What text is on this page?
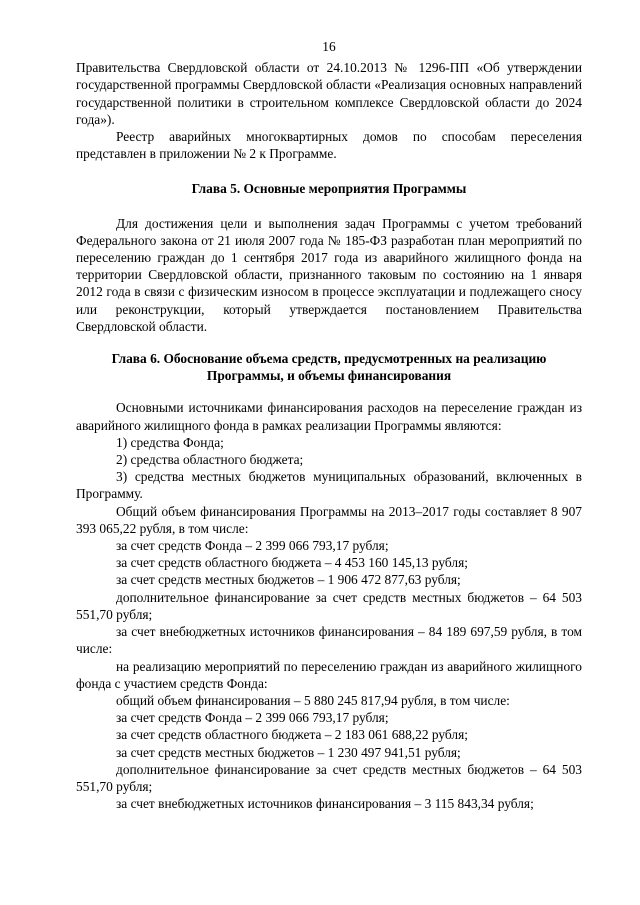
16

Правительства Свердловской области от 24.10.2013 № 1296-ПП «Об утверждении государственной программы Свердловской области «Реализация основных направлений государственной политики в строительном комплексе Свердловской области до 2024 года»).

Реестр аварийных многоквартирных домов по способам переселения представлен в приложении № 2 к Программе.

Глава 5. Основные мероприятия Программы

Для достижения цели и выполнения задач Программы с учетом требований Федерального закона от 21 июля 2007 года № 185-ФЗ разработан план мероприятий по переселению граждан до 1 сентября 2017 года из аварийного жилищного фонда на территории Свердловской области, признанного таковым по состоянию на 1 января 2012 года в связи с физическим износом в процессе эксплуатации и подлежащего сносу или реконструкции, который утверждается постановлением Правительства Свердловской области.

Глава 6. Обоснование объема средств, предусмотренных на реализацию
Программы, и объемы финансирования

Основными источниками финансирования расходов на переселение граждан из аварийного жилищного фонда в рамках реализации Программы являются:

1) средства Фонда;

2) средства областного бюджета;

3) средства местных бюджетов муниципальных образований, включенных в Программу.

Общий объем финансирования Программы на 2013–2017 годы составляет 8 907 393 065,22 рубля, в том числе:

за счет средств Фонда – 2 399 066 793,17 рубля;

за счет средств областного бюджета – 4 453 160 145,13 рубля;

за счет средств местных бюджетов – 1 906 472 877,63 рубля;

дополнительное финансирование за счет средств местных бюджетов – 64 503 551,70 рубля;

за счет внебюджетных источников финансирования – 84 189 697,59 рубля, в том числе:

на реализацию мероприятий по переселению граждан из аварийного жилищного фонда с участием средств Фонда:

общий объем финансирования – 5 880 245 817,94 рубля, в том числе:

за счет средств Фонда – 2 399 066 793,17 рубля;

за счет средств областного бюджета – 2 183 061 688,22 рубля;

за счет средств местных бюджетов – 1 230 497 941,51 рубля;

дополнительное финансирование за счет средств местных бюджетов – 64 503 551,70 рубля;

за счет внебюджетных источников финансирования – 3 115 843,34 рубля;
